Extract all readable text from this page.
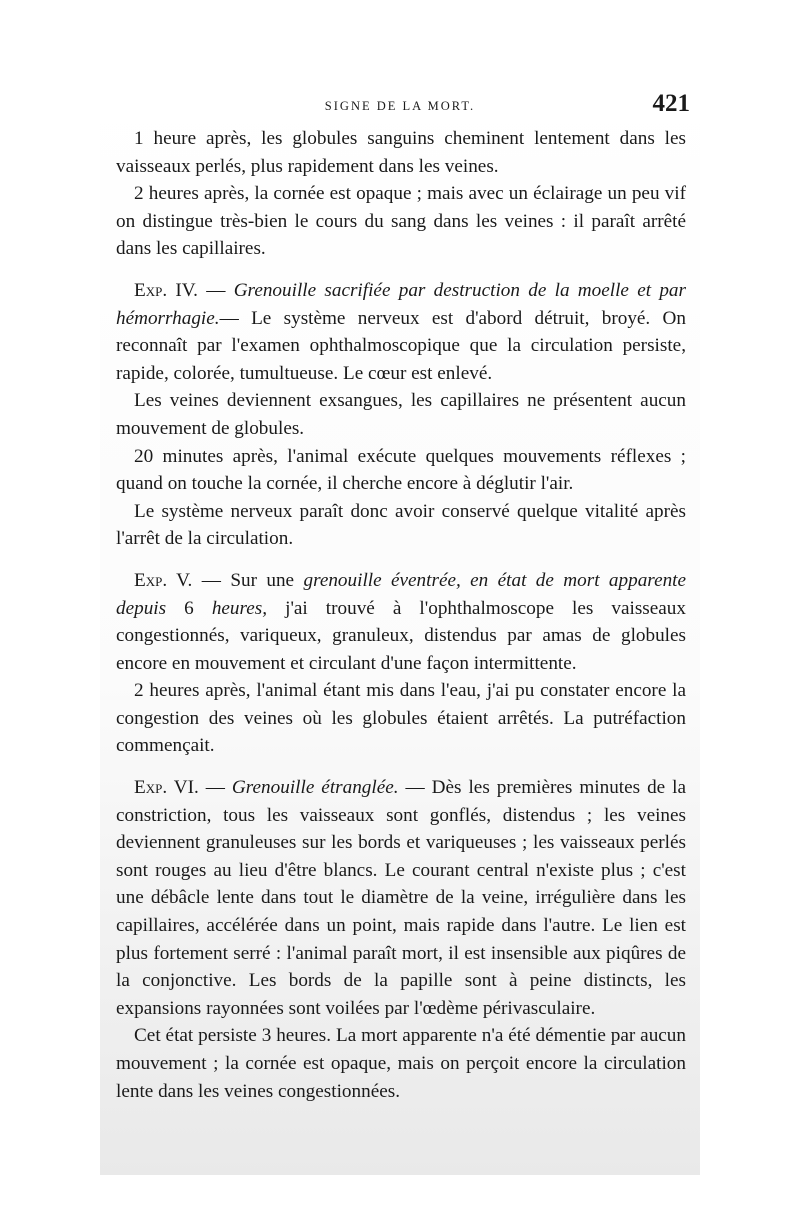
SIGNE DE LA MORT.	421

1 heure après, les globules sanguins cheminent lentement dans les vaisseaux perlés, plus rapidement dans les veines.

2 heures après, la cornée est opaque ; mais avec un éclairage un peu vif on distingue très-bien le cours du sang dans les veines : il paraît arrêté dans les capillaires.

Exp. IV. — Grenouille sacrifiée par destruction de la moelle et par hémorrhagie.— Le système nerveux est d'abord détruit, broyé. On reconnaît par l'examen ophthalmoscopique que la circulation persiste, rapide, colorée, tumultueuse. Le cœur est enlevé.

Les veines deviennent exsangues, les capillaires ne présentent aucun mouvement de globules.

20 minutes après, l'animal exécute quelques mouvements réflexes ; quand on touche la cornée, il cherche encore à déglutir l'air.

Le système nerveux paraît donc avoir conservé quelque vitalité après l'arrêt de la circulation.

Exp. V. — Sur une grenouille éventrée, en état de mort apparente depuis 6 heures, j'ai trouvé à l'ophthalmoscope les vaisseaux congestionnés, variqueux, granuleux, distendus par amas de globules encore en mouvement et circulant d'une façon intermittente.

2 heures après, l'animal étant mis dans l'eau, j'ai pu constater encore la congestion des veines où les globules étaient arrêtés. La putréfaction commençait.

Exp. VI. — Grenouille étranglée. — Dès les premières minutes de la constriction, tous les vaisseaux sont gonflés, distendus ; les veines deviennent granuleuses sur les bords et variqueuses ; les vaisseaux perlés sont rouges au lieu d'être blancs. Le courant central n'existe plus ; c'est une débâcle lente dans tout le diamètre de la veine, irrégulière dans les capillaires, accélérée dans un point, mais rapide dans l'autre. Le lien est plus fortement serré : l'animal paraît mort, il est insensible aux piqûres de la conjonctive. Les bords de la papille sont à peine distincts, les expansions rayonnées sont voilées par l'œdème périvasculaire.

Cet état persiste 3 heures. La mort apparente n'a été démentie par aucun mouvement ; la cornée est opaque, mais on perçoit encore la circulation lente dans les veines congestionnées.
